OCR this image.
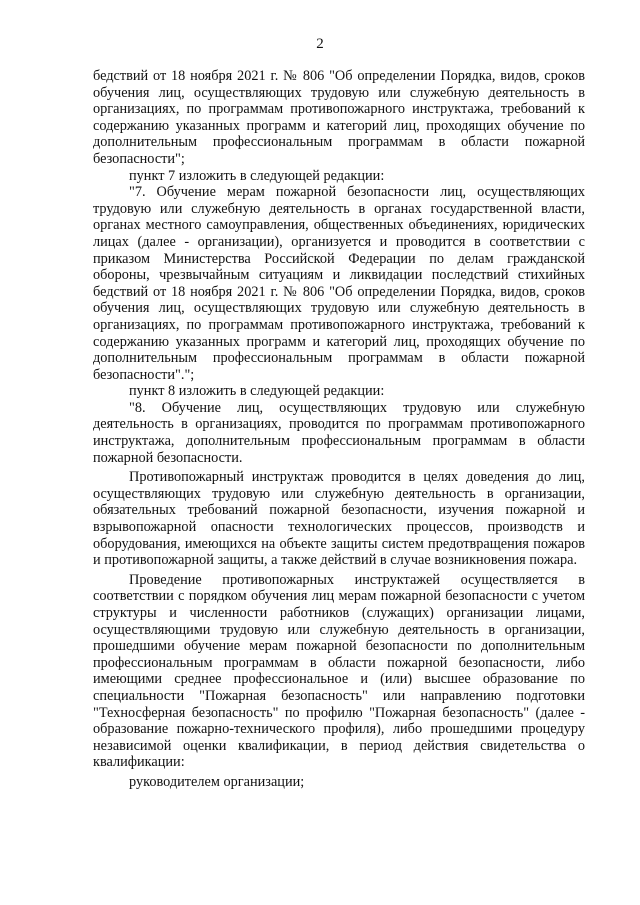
2

бедствий от 18 ноября 2021 г. № 806 "Об определении Порядка, видов, сроков обучения лиц, осуществляющих трудовую или служебную деятельность в организациях, по программам противопожарного инструктажа, требований к содержанию указанных программ и категорий лиц, проходящих обучение по дополнительным профессиональным программам в области пожарной безопасности";

пункт 7 изложить в следующей редакции:

"7. Обучение мерам пожарной безопасности лиц, осуществляющих трудовую или служебную деятельность в органах государственной власти, органах местного самоуправления, общественных объединениях, юридических лицах (далее - организации), организуется и проводится в соответствии с приказом Министерства Российской Федерации по делам гражданской обороны, чрезвычайным ситуациям и ликвидации последствий стихийных бедствий от 18 ноября 2021 г. № 806 "Об определении Порядка, видов, сроков обучения лиц, осуществляющих трудовую или служебную деятельность в организациях, по программам противопожарного инструктажа, требований к содержанию указанных программ и категорий лиц, проходящих обучение по дополнительным профессиональным программам в области пожарной безопасности".";

пункт 8 изложить в следующей редакции:

"8. Обучение лиц, осуществляющих трудовую или служебную деятельность в организациях, проводится по программам противопожарного инструктажа, дополнительным профессиональным программам в области пожарной безопасности.

Противопожарный инструктаж проводится в целях доведения до лиц, осуществляющих трудовую или служебную деятельность в организации, обязательных требований пожарной безопасности, изучения пожарной и взрывопожарной опасности технологических процессов, производств и оборудования, имеющихся на объекте защиты систем предотвращения пожаров и противопожарной защиты, а также действий в случае возникновения пожара.

Проведение противопожарных инструктажей осуществляется в соответствии с порядком обучения лиц мерам пожарной безопасности с учетом структуры и численности работников (служащих) организации лицами, осуществляющими трудовую или служебную деятельность в организации, прошедшими обучение мерам пожарной безопасности по дополнительным профессиональным программам в области пожарной безопасности, либо имеющими среднее профессиональное и (или) высшее образование по специальности "Пожарная безопасность" или направлению подготовки "Техносферная безопасность" по профилю "Пожарная безопасность" (далее - образование пожарно-технического профиля), либо прошедшими процедуру независимой оценки квалификации, в период действия свидетельства о квалификации:

руководителем организации;
